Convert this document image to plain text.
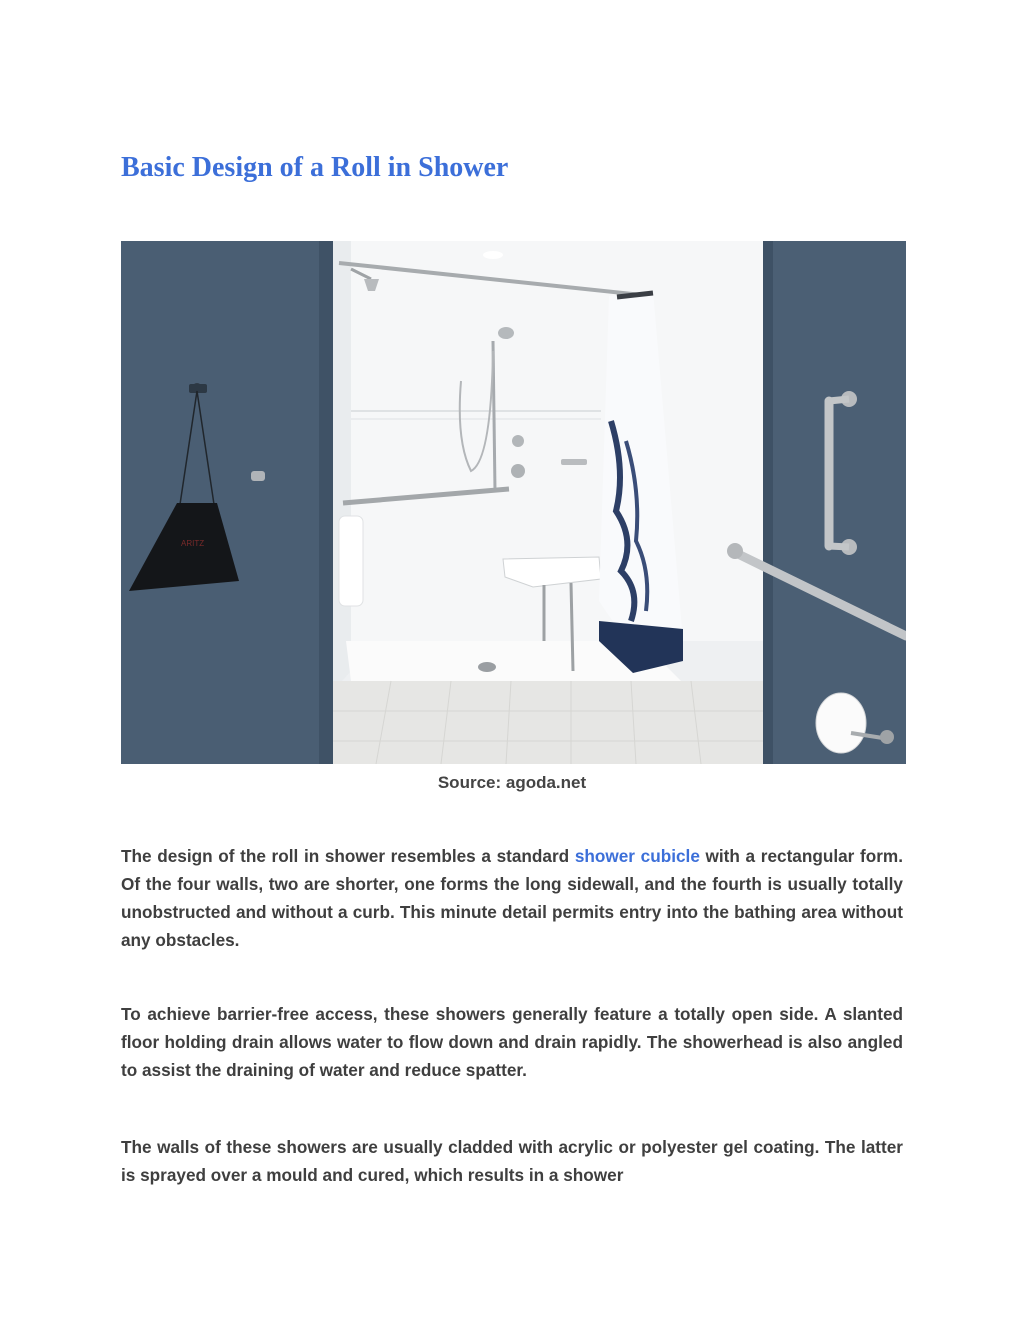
Basic Design of a Roll in Shower
ARITZ
Source: agoda.net

The design of the roll in shower resembles a standard shower cubicle with a rectangular form. Of the four walls, two are shorter, one forms the long sidewall, and the fourth is usually totally unobstructed and without a curb. This minute detail permits entry into the bathing area without any obstacles.

To achieve barrier-free access, these showers generally feature a totally open side. A slanted floor holding drain allows water to flow down and drain rapidly. The showerhead is also angled to assist the draining of water and reduce spatter.

The walls of these showers are usually cladded with acrylic or polyester gel coating. The latter is sprayed over a mould and cured, which results in a shower
